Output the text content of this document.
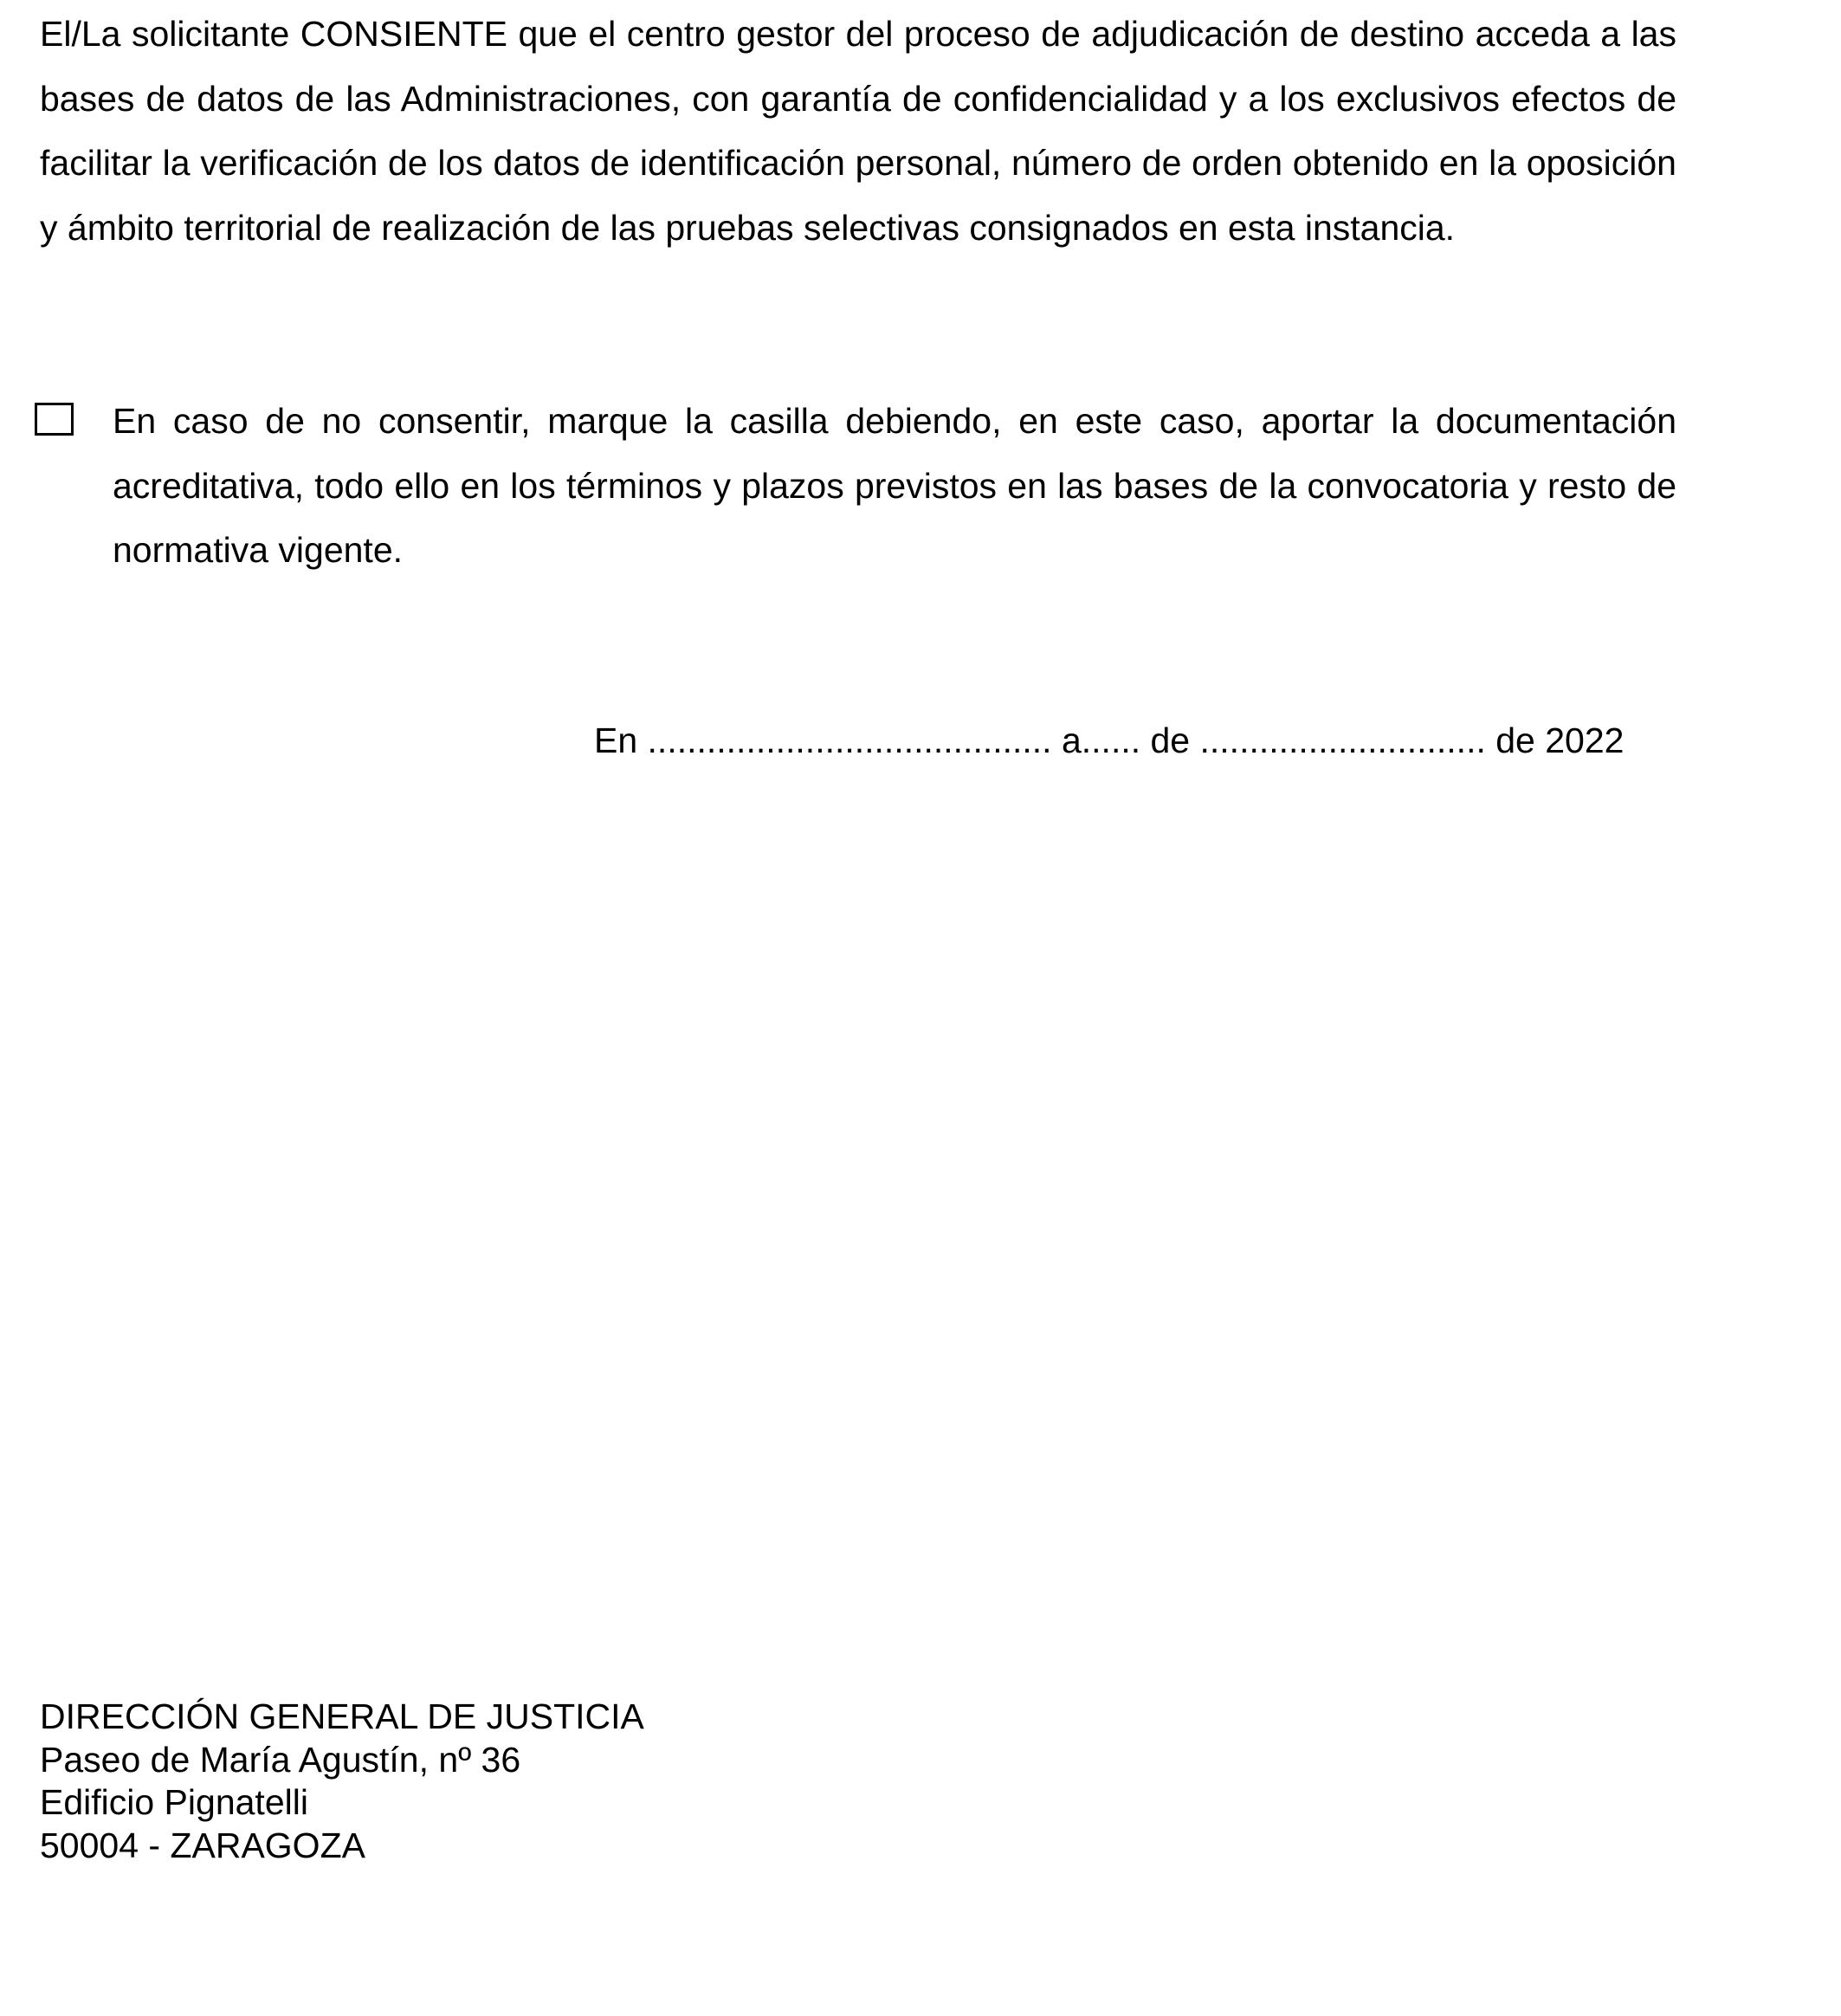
El/La solicitante CONSIENTE que el centro gestor del proceso de adjudicación de destino acceda a las bases de datos de las Administraciones, con garantía de confidencialidad y a los exclusivos efectos de facilitar la verificación de los datos de identificación personal, número de orden obtenido en la oposición y ámbito territorial de realización de las pruebas selectivas consignados en esta instancia.

En caso de no consentir, marque la casilla debiendo, en este caso, aportar la documentación acreditativa, todo ello en los términos y plazos previstos en las bases de la convocatoria y resto de normativa vigente.

En ......................................... a...... de ............................. de 2022

DIRECCIÓN GENERAL DE JUSTICIA
Paseo de María Agustín, nº 36
Edificio Pignatelli
50004 - ZARAGOZA
